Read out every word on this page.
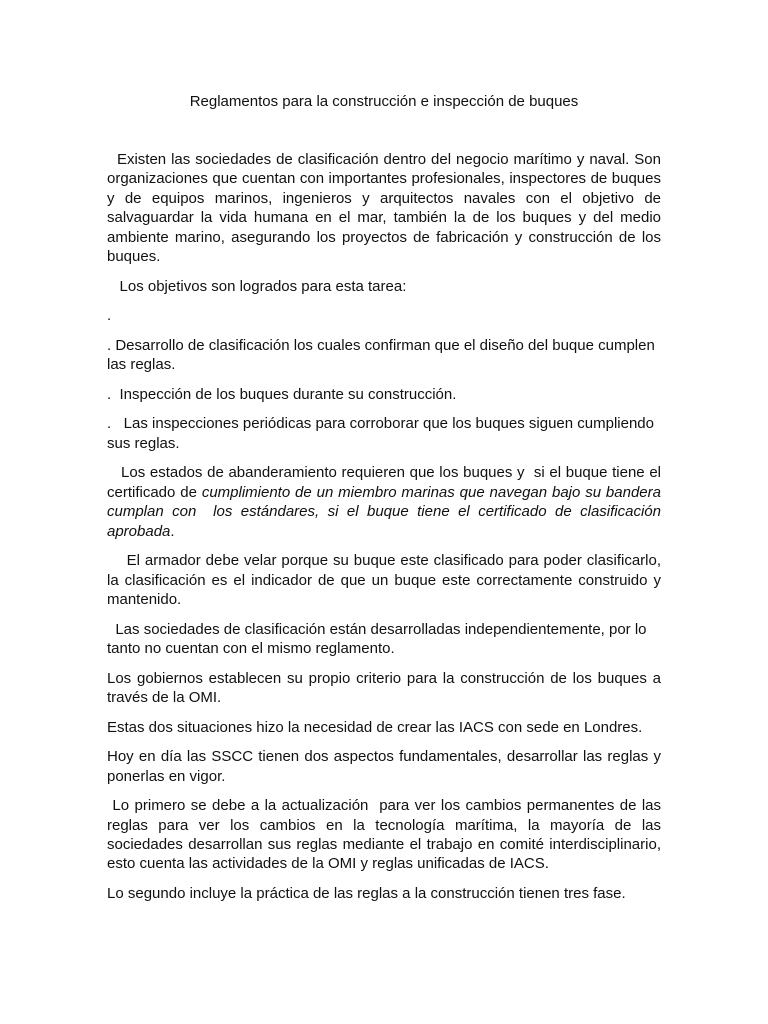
Reglamentos para la construcción e inspección de buques

Existen las sociedades de clasificación dentro del negocio marítimo y naval. Son organizaciones que cuentan con importantes profesionales, inspectores de buques y de equipos marinos, ingenieros y arquitectos navales con el objetivo de salvaguardar la vida humana en el mar, también la de los buques y del medio ambiente marino, asegurando los proyectos de fabricación y construcción de los buques.

Los objetivos son logrados para esta tarea:

.

. Desarrollo de clasificación los cuales confirman que el diseño del buque cumplen las reglas.

.  Inspección de los buques durante su construcción.

.   Las inspecciones periódicas para corroborar que los buques siguen cumpliendo sus reglas.

Los estados de abanderamiento requieren que los buques y  si el buque tiene el certificado de cumplimiento de un miembro marinas que navegan bajo su bandera cumplan con  los estándares, si el buque tiene el certificado de clasificación aprobada.

El armador debe velar porque su buque este clasificado para poder clasificarlo, la clasificación es el indicador de que un buque este correctamente construido y mantenido.

Las sociedades de clasificación están desarrolladas independientemente, por lo tanto no cuentan con el mismo reglamento.

Los gobiernos establecen su propio criterio para la construcción de los buques a través de la OMI.

Estas dos situaciones hizo la necesidad de crear las IACS con sede en Londres.

Hoy en día las SSCC tienen dos aspectos fundamentales, desarrollar las reglas y ponerlas en vigor.

Lo primero se debe a la actualización  para ver los cambios permanentes de las reglas para ver los cambios en la tecnología marítima, la mayoría de las sociedades desarrollan sus reglas mediante el trabajo en comité interdisciplinario, esto cuenta las actividades de la OMI y reglas unificadas de IACS.

Lo segundo incluye la práctica de las reglas a la construcción tienen tres fase.
